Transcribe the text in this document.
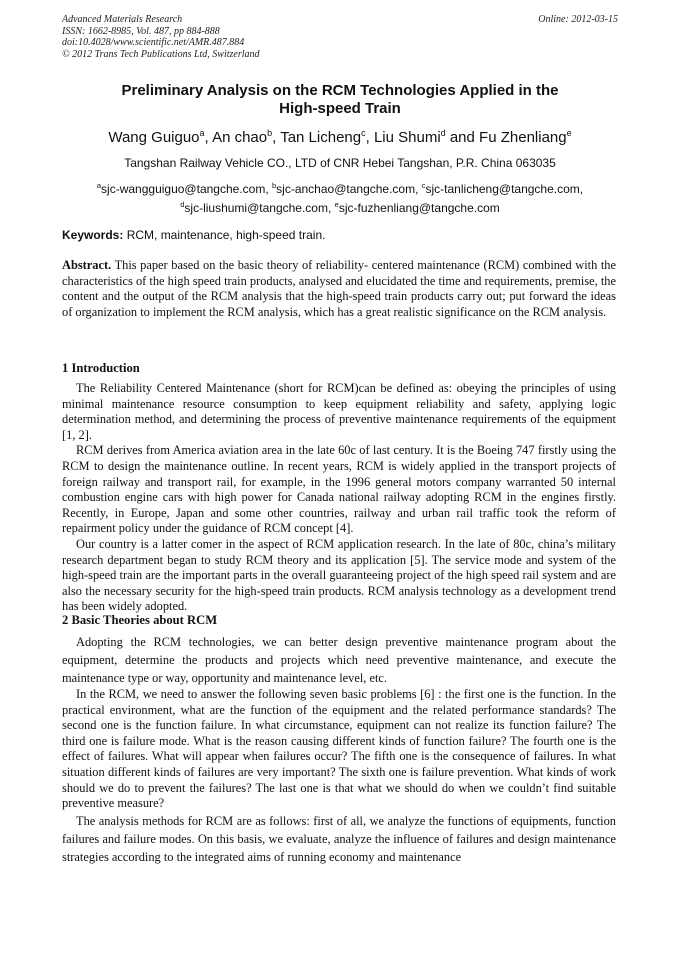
Advanced Materials Research
ISSN: 1662-8985, Vol. 487, pp 884-888
doi:10.4028/www.scientific.net/AMR.487.884
© 2012 Trans Tech Publications Ltd, Switzerland
Online: 2012-03-15
Preliminary Analysis on the RCM Technologies Applied in the
High-speed Train
Wang Guiguo$^a$, An chao$^b$, Tan Licheng$^c$, Liu Shumi$^d$ and Fu Zhenliang$^e$
Tangshan Railway Vehicle CO., LTD of CNR Hebei Tangshan, P.R. China 063035
$^a$sjc-wangguiguo@tangche.com, $^b$sjc-anchao@tangche.com, $^c$sjc-tanlicheng@tangche.com,
$^d$sjc-liushumi@tangche.com, $^e$sjc-fuzhenliang@tangche.com
Keywords: RCM, maintenance, high-speed train.

Abstract. This paper based on the basic theory of reliability- centered maintenance (RCM) combined with the characteristics of the high speed train products, analysed and elucidated the time and requirements, premise, the content and the output of the RCM analysis that the high-speed train products carry out; put forward the ideas of organization to implement the RCM analysis, which has a great realistic significance on the RCM analysis.

1 Introduction

The Reliability Centered Maintenance (short for RCM)can be defined as: obeying the principles of using minimal maintenance resource consumption to keep equipment reliability and safety, applying logic determination method, and determining the process of preventive maintenance requirements of the equipment [1, 2].

RCM derives from America aviation area in the late 60c of last century. It is the Boeing 747 firstly using the RCM to design the maintenance outline. In recent years, RCM is widely applied in the transport projects of foreign railway and transport rail, for example, in the 1996 general motors company warranted 50 internal combustion engine cars with high power for Canada national railway adopting RCM in the engines firstly. Recently, in Europe, Japan and some other countries, railway and urban rail traffic took the reform of repairment policy under the guidance of RCM concept [4].

Our country is a latter comer in the aspect of RCM application research. In the late of 80c, china’s military research department began to study RCM theory and its application [5]. The service mode and system of the high-speed train are the important parts in the overall guaranteeing project of the high speed rail system and are also the necessary security for the high-speed train products. RCM analysis technology as a development trend has been widely adopted.

2 Basic Theories about RCM

Adopting the RCM technologies, we can better design preventive maintenance program about the equipment, determine the products and projects which need preventive maintenance, and execute the maintenance type or way, opportunity and maintenance level, etc.

In the RCM, we need to answer the following seven basic problems [6] : the first one is the function. In the practical environment, what are the function of the equipment and the related performance standards? The second one is the function failure. In what circumstance, equipment can not realize its function failure? The third one is failure mode. What is the reason causing different kinds of function failure? The fourth one is the effect of failures. What will appear when failures occur? The fifth one is the consequence of failures. In what situation different kinds of failures are very important? The sixth one is failure prevention. What kinds of work should we do to prevent the failures? The last one is that what we should do when we couldn’t find suitable preventive measure?

The analysis methods for RCM are as follows: first of all, we analyze the functions of equipments, function failures and failure modes. On this basis, we evaluate, analyze the influence of failures and design maintenance strategies according to the integrated aims of running economy and maintenance
